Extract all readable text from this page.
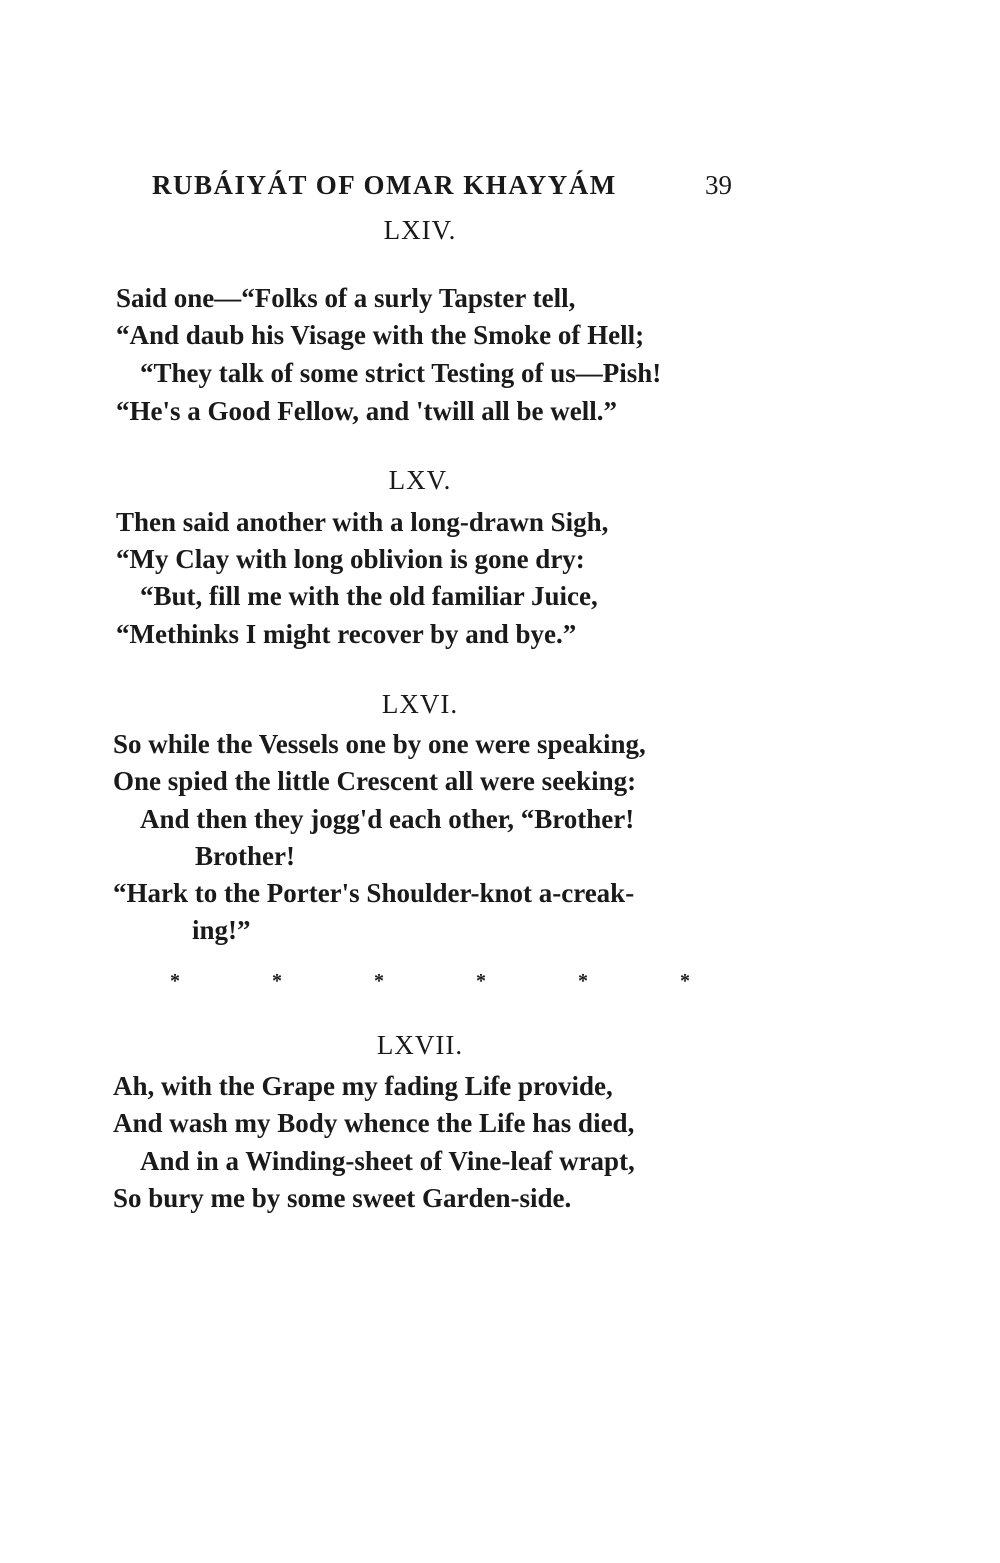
RUBÁIYÁT OF OMAR KHAYYÁM	39
LXIV.
Said one—“Folks of a surly Tapster tell,
“And daub his Visage with the Smoke of Hell;
“They talk of some strict Testing of us—Pish!
“He's a Good Fellow, and 'twill all be well.”
LXV.
Then said another with a long-drawn Sigh,
“My Clay with long oblivion is gone dry:
“But, fill me with the old familiar Juice,
“Methinks I might recover by and bye.”
LXVI.
So while the Vessels one by one were speaking,
One spied the little Crescent all were seeking:
And then they jogg'd each other, “Brother!
Brother!
“Hark to the Porter's Shoulder-knot a-creak-
ing!”
*	*	*	*	*	*
LXVII.
Ah, with the Grape my fading Life provide,
And wash my Body whence the Life has died,
And in a Winding-sheet of Vine-leaf wrapt,
So bury me by some sweet Garden-side.
